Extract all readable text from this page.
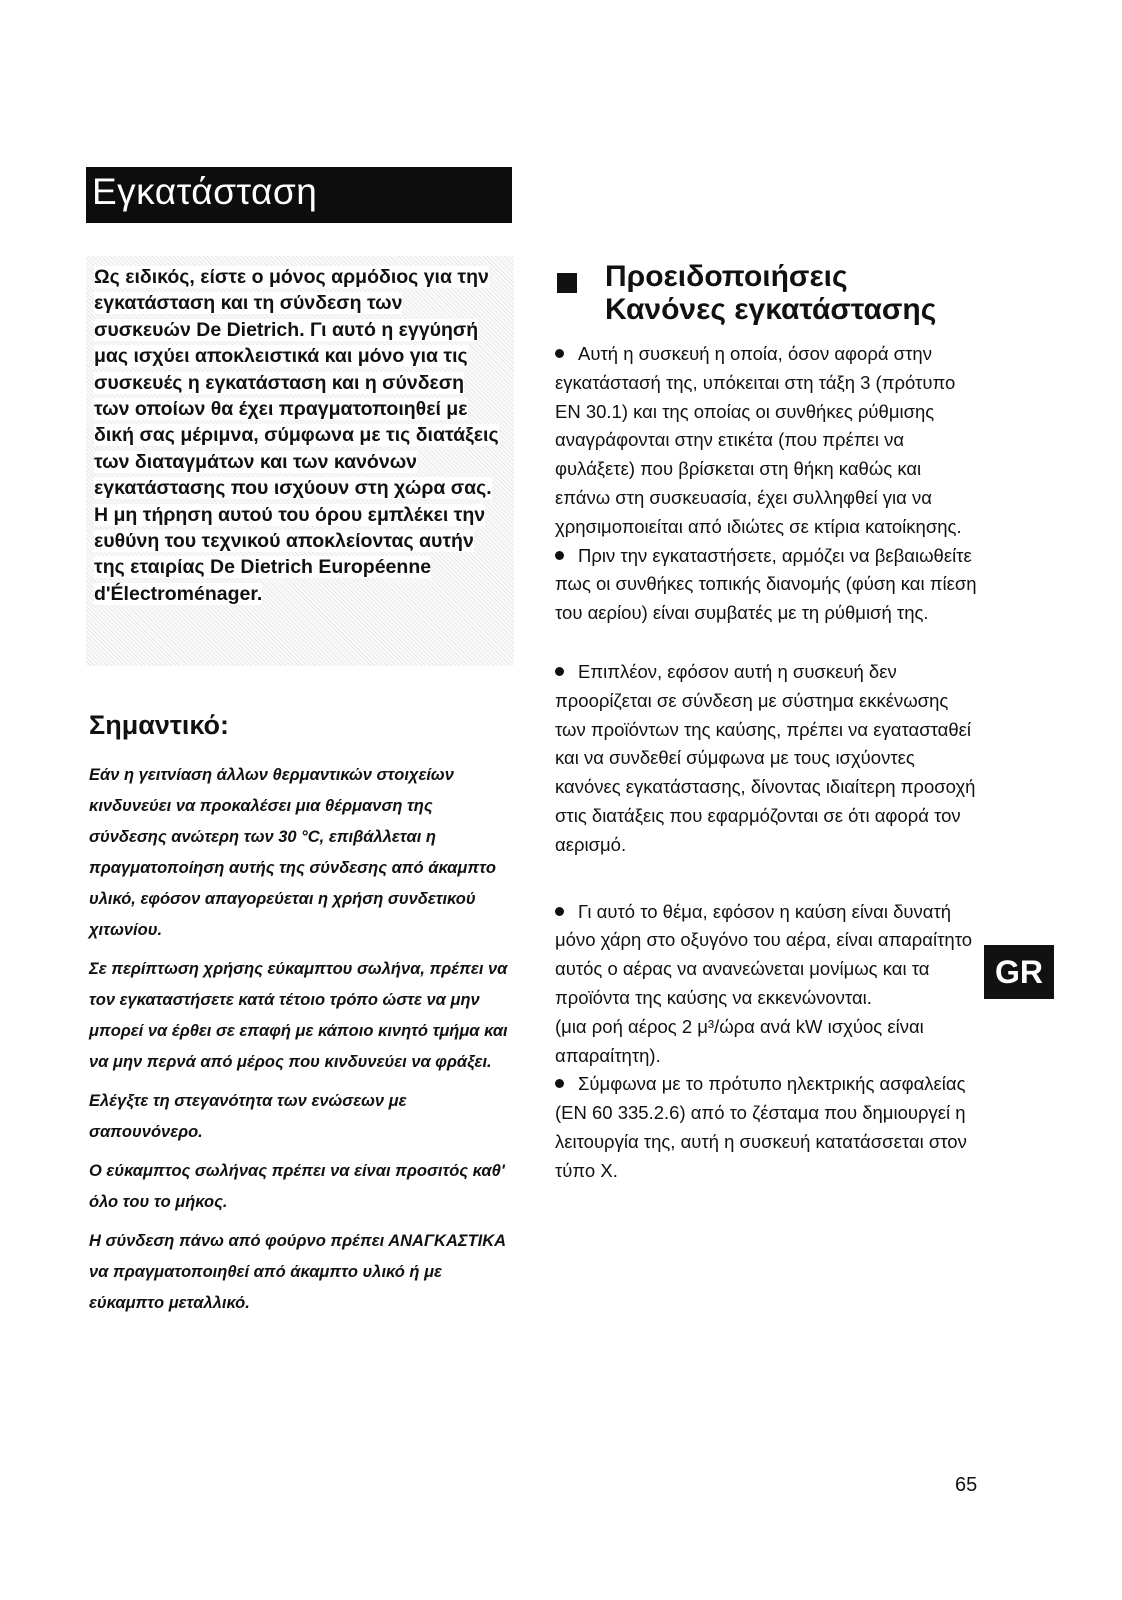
Εγκατάσταση

Ως ειδικός, είστε ο μόνος αρμόδιος για την εγκατάσταση και τη σύνδεση των συσκευών De Dietrich. Γι αυτό η εγγύησή μας ισχύει αποκλειστικά και μόνο για τις συσκευές η εγκατάσταση και η σύνδεση των οποίων θα έχει πραγματοποιηθεί με δική σας μέριμνα, σύμφωνα με τις διατάξεις των διαταγμάτων και των κανόνων εγκατάστασης που ισχύουν στη χώρα σας. Η μη τήρηση αυτού του όρου εμπλέκει την ευθύνη του τεχνικού αποκλείοντας αυτήν της εταιρίας De Dietrich Européenne d'Électroménager.

Σημαντικό:

Εάν η γειτνίαση άλλων θερμαντικών στοιχείων κινδυνεύει να προκαλέσει μια θέρμανση της σύνδεσης ανώτερη των 30 °C, επιβάλλεται η πραγματοποίηση αυτής της σύνδεσης από άκαμπτο υλικό, εφόσον απαγορεύεται η χρήση συνδετικού χιτωνίου.

Σε περίπτωση χρήσης εύκαμπτου σωλήνα, πρέπει να τον εγκαταστήσετε κατά τέτοιο τρόπο ώστε να μην μπορεί να έρθει σε επαφή με κάποιο κινητό τμήμα και να μην περνά από μέρος που κινδυνεύει να φράξει.

Ελέγξτε τη στεγανότητα των ενώσεων με σαπουνόνερο.

Ο εύκαμπτος σωλήνας πρέπει να είναι προσιτός καθ' όλο του το μήκος.

Η σύνδεση πάνω από φούρνο πρέπει ΑΝΑΓΚΑΣΤΙΚΑ να πραγματοποιηθεί από άκαμπτο υλικό ή με εύκαμπτο μεταλλικό.

Προειδοποιήσεις
Κανόνες εγκατάστασης

Αυτή η συσκευή η οποία, όσον αφορά στην εγκατάστασή της, υπόκειται στη τάξη 3 (πρότυπο EN 30.1) και της οποίας οι συνθήκες ρύθμισης αναγράφονται στην ετικέτα (που πρέπει να φυλάξετε) που βρίσκεται στη θήκη καθώς και επάνω στη συσκευασία, έχει συλληφθεί για να χρησιμοποιείται από ιδιώτες σε κτίρια κατοίκησης.

Πριν την εγκαταστήσετε, αρμόζει να βεβαιωθείτε πως οι συνθήκες τοπικής διανομής (φύση και πίεση του αερίου) είναι συμβατές με τη ρύθμισή της.

Επιπλέον, εφόσον αυτή η συσκευή δεν προορίζεται σε σύνδεση με σύστημα εκκένωσης των προϊόντων της καύσης, πρέπει να εγατασταθεί και να συνδεθεί σύμφωνα με τους ισχύοντες κανόνες εγκατάστασης, δίνοντας ιδιαίτερη προσοχή στις διατάξεις που εφαρμόζονται σε ότι αφορά τον αερισμό.

Γι αυτό το θέμα, εφόσον η καύση είναι δυνατή μόνο χάρη στο οξυγόνο του αέρα, είναι απαραίτητο αυτός ο αέρας να ανανεώνεται μονίμως και τα προϊόντα της καύσης να εκκενώνονται.

(μια ροή αέρος 2 μ³/ώρα ανά kW ισχύος είναι απαραίτητη).

Σύμφωνα με το πρότυπο ηλεκτρικής ασφαλείας (EN 60 335.2.6) από το ζέσταμα που δημιουργεί η λειτουργία της, αυτή η συσκευή κατατάσσεται στον τύπο X.

GR
65
